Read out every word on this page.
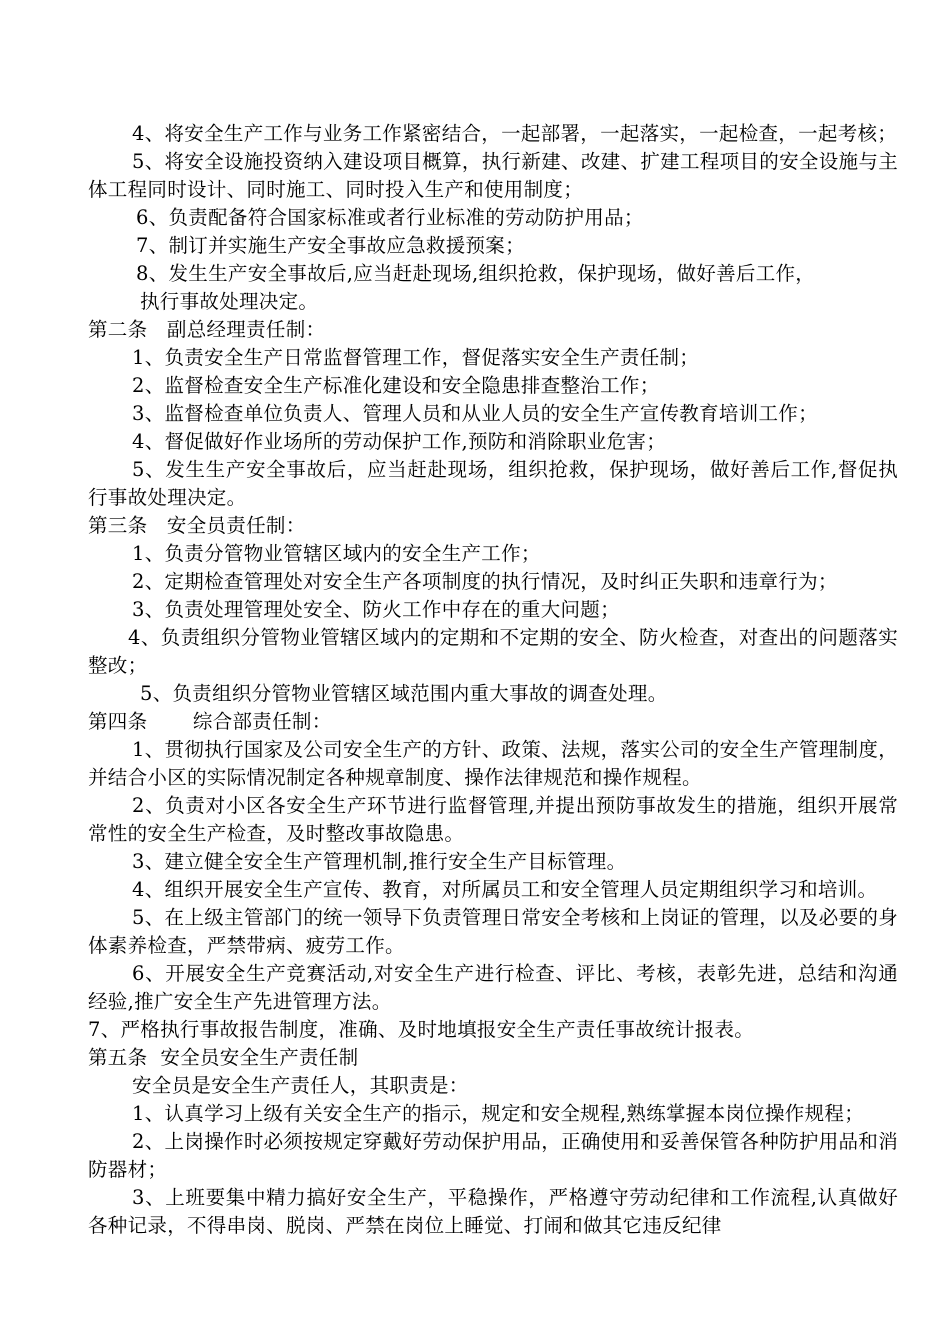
4、将安全生产工作与业务工作紧密结合，一起部署，一起落实，一起检查，一起考核；

5、将安全设施投资纳入建设项目概算，执行新建、改建、扩建工程项目的安全设施与主体工程同时设计、同时施工、同时投入生产和使用制度；

6、负责配备符合国家标准或者行业标准的劳动防护用品；

7、制订并实施生产安全事故应急救援预案；

8、发生生产安全事故后,应当赶赴现场,组织抢救，保护现场，做好善后工作，

执行事故处理决定。

第二条   副总经理责任制：

1、负责安全生产日常监督管理工作，督促落实安全生产责任制；

2、监督检查安全生产标准化建设和安全隐患排查整治工作；

3、监督检查单位负责人、管理人员和从业人员的安全生产宣传教育培训工作；

4、督促做好作业场所的劳动保护工作,预防和消除职业危害；

5、发生生产安全事故后，应当赶赴现场，组织抢救，保护现场，做好善后工作,督促执行事故处理决定。

第三条   安全员责任制：

1、负责分管物业管辖区域内的安全生产工作；

2、定期检查管理处对安全生产各项制度的执行情况，及时纠正失职和违章行为；

3、负责处理管理处安全、防火工作中存在的重大问题；

4、负责组织分管物业管辖区域内的定期和不定期的安全、防火检查，对查出的问题落实整改；

5、负责组织分管物业管辖区域范围内重大事故的调查处理。

第四条       综合部责任制：

1、贯彻执行国家及公司安全生产的方针、政策、法规，落实公司的安全生产管理制度，并结合小区的实际情况制定各种规章制度、操作法律规范和操作规程。

2、负责对小区各安全生产环节进行监督管理,并提出预防事故发生的措施，组织开展常常性的安全生产检查，及时整改事故隐患。

3、建立健全安全生产管理机制,推行安全生产目标管理。

4、组织开展安全生产宣传、教育，对所属员工和安全管理人员定期组织学习和培训。

5、在上级主管部门的统一领导下负责管理日常安全考核和上岗证的管理，以及必要的身体素养检查，严禁带病、疲劳工作。

6、开展安全生产竞赛活动,对安全生产进行检查、评比、考核，表彰先进，总结和沟通经验,推广安全生产先进管理方法。

7、严格执行事故报告制度，准确、及时地填报安全生产责任事故统计报表。

第五条  安全员安全生产责任制

安全员是安全生产责任人，其职责是：

1、认真学习上级有关安全生产的指示，规定和安全规程,熟练掌握本岗位操作规程；

2、上岗操作时必须按规定穿戴好劳动保护用品，正确使用和妥善保管各种防护用品和消防器材；

3、上班要集中精力搞好安全生产，平稳操作，严格遵守劳动纪律和工作流程,认真做好各种记录，不得串岗、脱岗、严禁在岗位上睡觉、打闹和做其它违反纪律
